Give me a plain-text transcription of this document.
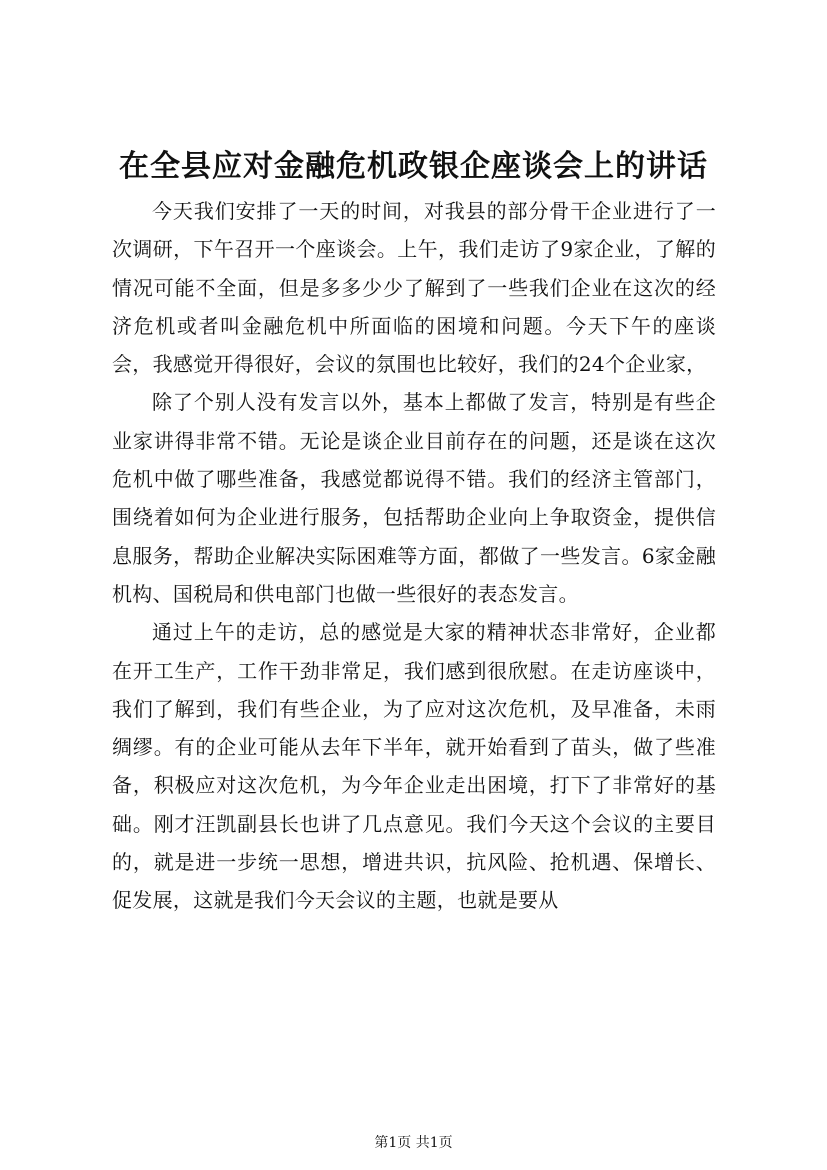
在全县应对金融危机政银企座谈会上的讲话

今天我们安排了一天的时间，对我县的部分骨干企业进行了一次调研，下午召开一个座谈会。上午，我们走访了9家企业，了解的情况可能不全面，但是多多少少了解到了一些我们企业在这次的经济危机或者叫金融危机中所面临的困境和问题。今天下午的座谈会，我感觉开得很好，会议的氛围也比较好，我们的24个企业家，

除了个别人没有发言以外，基本上都做了发言，特别是有些企业家讲得非常不错。无论是谈企业目前存在的问题，还是谈在这次危机中做了哪些准备，我感觉都说得不错。我们的经济主管部门，围绕着如何为企业进行服务，包括帮助企业向上争取资金，提供信息服务，帮助企业解决实际困难等方面，都做了一些发言。6家金融机构、国税局和供电部门也做一些很好的表态发言。

通过上午的走访，总的感觉是大家的精神状态非常好，企业都在开工生产，工作干劲非常足，我们感到很欣慰。在走访座谈中，我们了解到，我们有些企业，为了应对这次危机，及早准备，未雨绸缪。有的企业可能从去年下半年，就开始看到了苗头，做了些准备，积极应对这次危机，为今年企业走出困境，打下了非常好的基础。刚才汪凯副县长也讲了几点意见。我们今天这个会议的主要目的，就是进一步统一思想，增进共识，抗风险、抢机遇、保增长、促发展，这就是我们今天会议的主题，也就是要从

第1页 共1页
